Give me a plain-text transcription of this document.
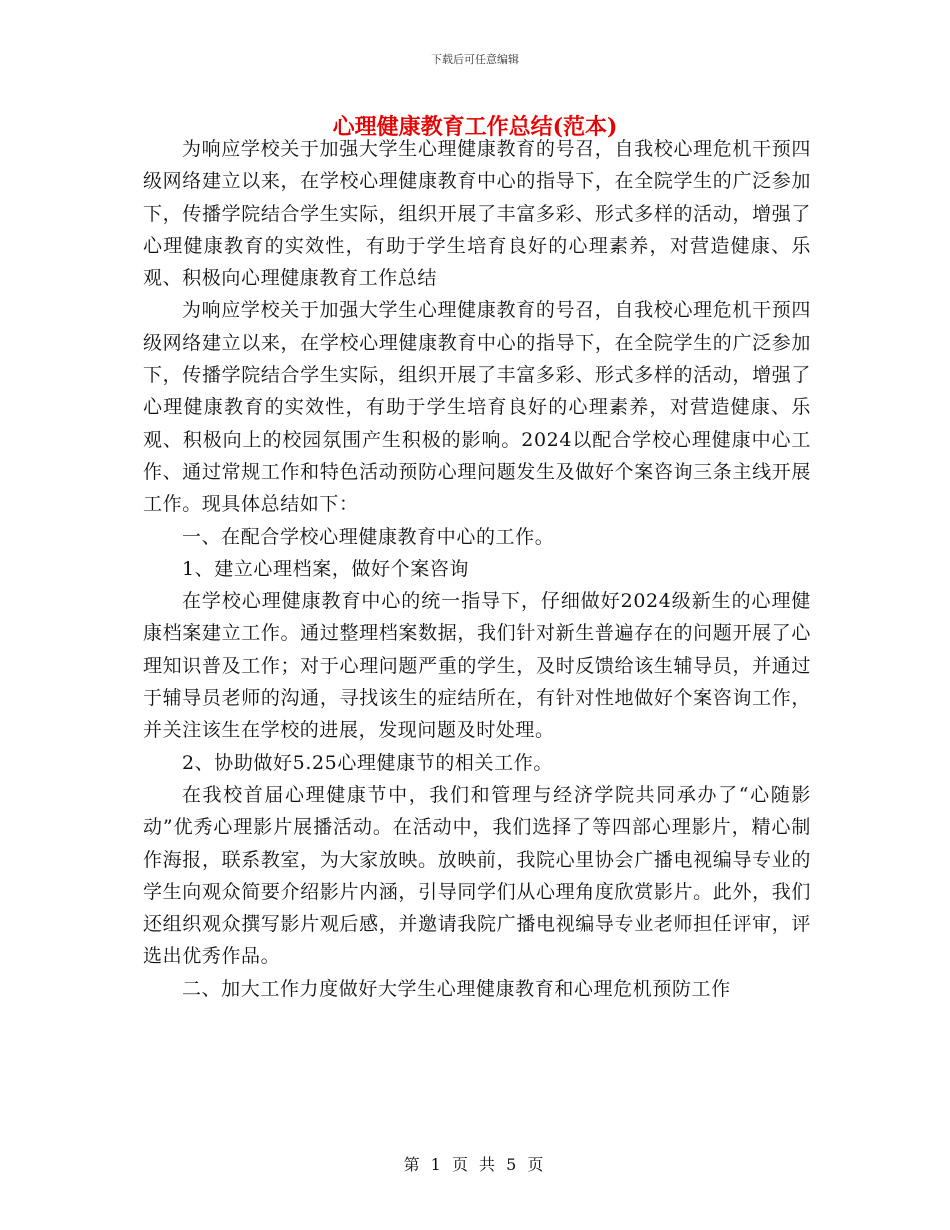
下载后可任意编辑
心理健康教育工作总结(范本)

为响应学校关于加强大学生心理健康教育的号召，自我校心理危机干预四级网络建立以来，在学校心理健康教育中心的指导下，在全院学生的广泛参加下，传播学院结合学生实际，组织开展了丰富多彩、形式多样的活动，增强了心理健康教育的实效性，有助于学生培育良好的心理素养，对营造健康、乐观、积极向心理健康教育工作总结

为响应学校关于加强大学生心理健康教育的号召，自我校心理危机干预四级网络建立以来，在学校心理健康教育中心的指导下，在全院学生的广泛参加下，传播学院结合学生实际，组织开展了丰富多彩、形式多样的活动，增强了心理健康教育的实效性，有助于学生培育良好的心理素养，对营造健康、乐观、积极向上的校园氛围产生积极的影响。2024以配合学校心理健康中心工作、通过常规工作和特色活动预防心理问题发生及做好个案咨询三条主线开展工作。现具体总结如下：

一、在配合学校心理健康教育中心的工作。

1、建立心理档案，做好个案咨询

在学校心理健康教育中心的统一指导下，仔细做好2024级新生的心理健康档案建立工作。通过整理档案数据，我们针对新生普遍存在的问题开展了心理知识普及工作；对于心理问题严重的学生，及时反馈给该生辅导员，并通过于辅导员老师的沟通，寻找该生的症结所在，有针对性地做好个案咨询工作，并关注该生在学校的进展，发现问题及时处理。

2、协助做好5.25心理健康节的相关工作。

在我校首届心理健康节中，我们和管理与经济学院共同承办了“心随影动”优秀心理影片展播活动。在活动中，我们选择了等四部心理影片，精心制作海报，联系教室，为大家放映。放映前，我院心里协会广播电视编导专业的学生向观众简要介绍影片内涵，引导同学们从心理角度欣赏影片。此外，我们还组织观众撰写影片观后感，并邀请我院广播电视编导专业老师担任评审，评选出优秀作品。

二、加大工作力度做好大学生心理健康教育和心理危机预防工作

第 1 页 共 5 页
